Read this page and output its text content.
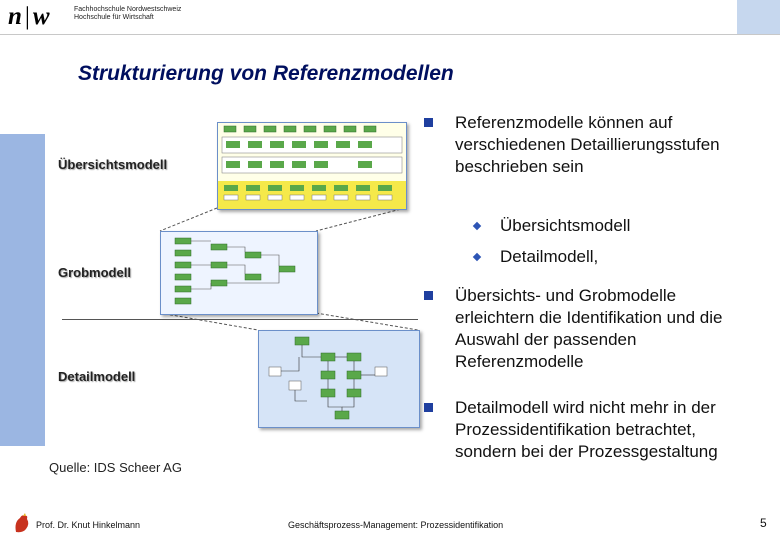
n | w	Fachhochschule Nordwestschweiz
Hochschule für Wirtschaft
Strukturierung von Referenzmodellen
Übersichtsmodell
Grobmodell
Detailmodell
Quelle: IDS Scheer AG
Referenzmodelle können auf verschiedenen Detaillierungsstufen beschrieben sein
Übersichtsmodell
Detailmodell,
Übersichts- und Grobmodelle erleichtern die Identifikation und die Auswahl der passenden Referenzmodelle
Detailmodell wird nicht mehr in der Prozessidentifikation betrachtet, sondern bei der Prozessgestaltung
Prof. Dr. Knut Hinkelmann	Geschäftsprozess-Management: Prozessidentifikation	5
